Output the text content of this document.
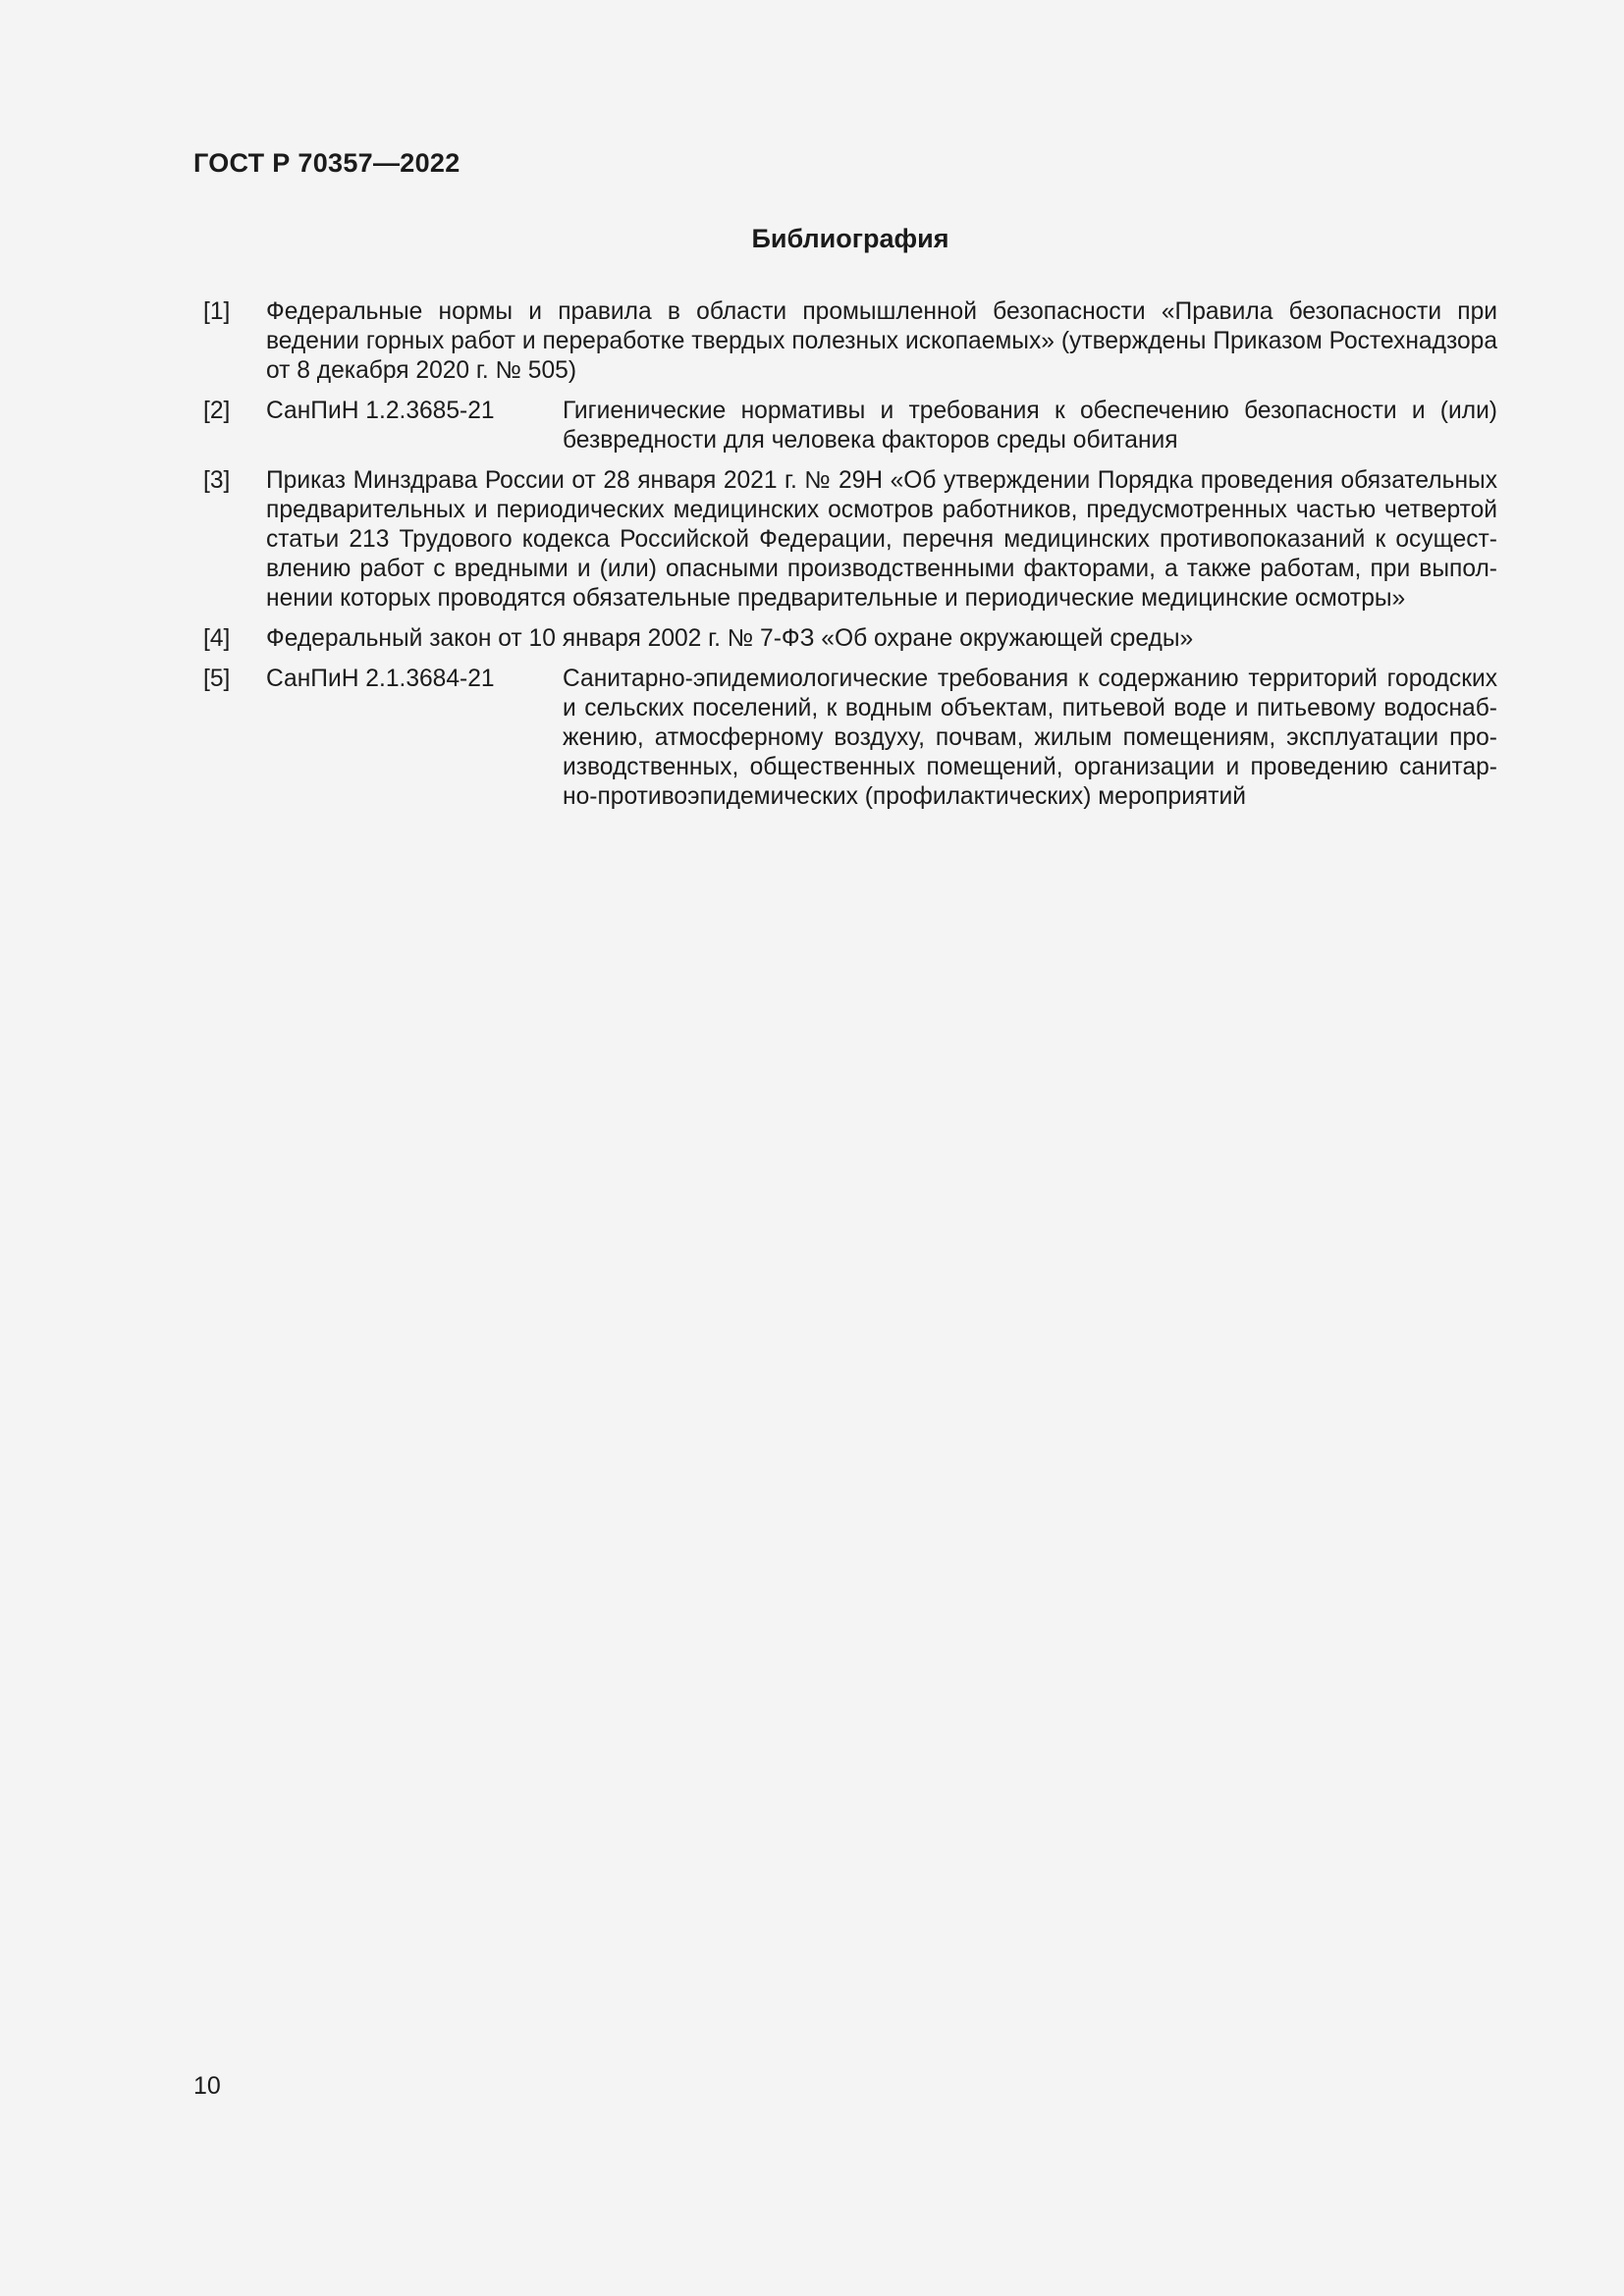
ГОСТ Р 70357—2022
Библиография
[1]	Федеральные нормы и правила в области промышленной безопасности «Правила безопасности при ведении горных работ и переработке твердых полезных ископаемых» (утверждены Приказом Ростехнадзора от 8 декабря 2020 г. № 505)
[2]	СанПиН 1.2.3685-21	Гигиенические нормативы и требования к обеспечению безопасности и (или) безвредности для человека факторов среды обитания
[3]	Приказ Минздрава России от 28 января 2021 г. № 29Н «Об утверждении Порядка проведения обязательных предварительных и периодических медицинских осмотров работников, предусмотренных частью четвертой статьи 213 Трудового кодекса Российской Федерации, перечня медицинских противопоказаний к осущест-влению работ с вредными и (или) опасными производственными факторами, а также работам, при выпол-нении которых проводятся обязательные предварительные и периодические медицинские осмотры»
[4]	Федеральный закон от 10 января 2002 г. № 7-ФЗ «Об охране окружающей среды»
[5]	СанПиН 2.1.3684-21	Санитарно-эпидемиологические требования к содержанию территорий городских и сельских поселений, к водным объектам, питьевой воде и питьевому водоснаб-жению, атмосферному воздуху, почвам, жилым помещениям, эксплуатации про-изводственных, общественных помещений, организации и проведению санитар-но-противоэпидемических (профилактических) мероприятий
10
